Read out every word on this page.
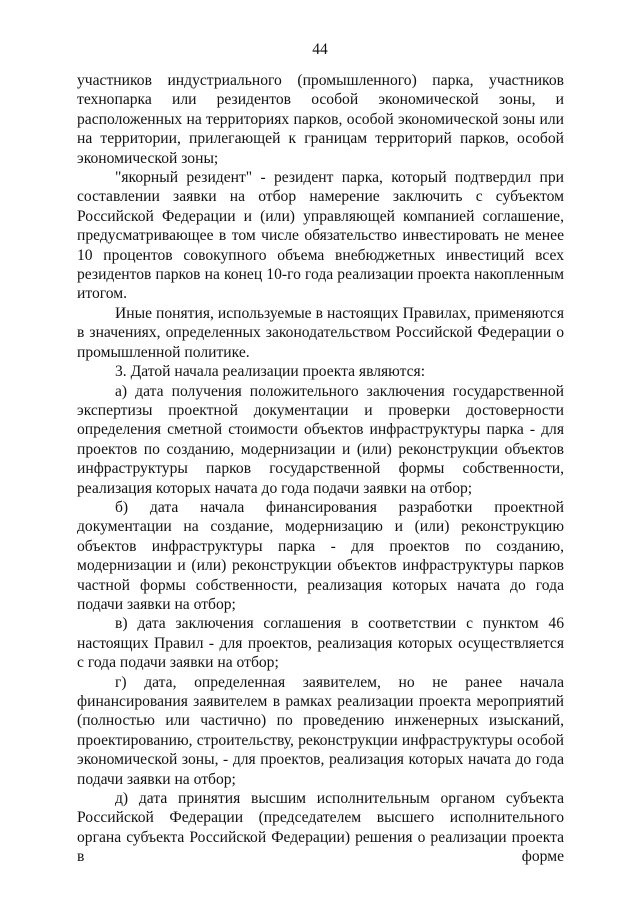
44

участников индустриального (промышленного) парка, участников технопарка или резидентов особой экономической зоны, и расположенных на территориях парков, особой экономической зоны или на территории, прилегающей к границам территорий парков, особой экономической зоны;

"якорный резидент" - резидент парка, который подтвердил при составлении заявки на отбор намерение заключить с субъектом Российской Федерации и (или) управляющей компанией соглашение, предусматривающее в том числе обязательство инвестировать не менее 10 процентов совокупного объема внебюджетных инвестиций всех резидентов парков на конец 10-го года реализации проекта накопленным итогом.

Иные понятия, используемые в настоящих Правилах, применяются в значениях, определенных законодательством Российской Федерации о промышленной политике.

3. Датой начала реализации проекта являются:

а) дата получения положительного заключения государственной экспертизы проектной документации и проверки достоверности определения сметной стоимости объектов инфраструктуры парка - для проектов по созданию, модернизации и (или) реконструкции объектов инфраструктуры парков государственной формы собственности, реализация которых начата до года подачи заявки на отбор;

б) дата начала финансирования разработки проектной документации на создание, модернизацию и (или) реконструкцию объектов инфраструктуры парка - для проектов по созданию, модернизации и (или) реконструкции объектов инфраструктуры парков частной формы собственности, реализация которых начата до года подачи заявки на отбор;

в) дата заключения соглашения в соответствии с пунктом 46 настоящих Правил - для проектов, реализация которых осуществляется с года подачи заявки на отбор;

г) дата, определенная заявителем, но не ранее начала финансирования заявителем в рамках реализации проекта мероприятий (полностью или частично) по проведению инженерных изысканий, проектированию, строительству, реконструкции инфраструктуры особой экономической зоны, - для проектов, реализация которых начата до года подачи заявки на отбор;

д) дата принятия высшим исполнительным органом субъекта Российской Федерации (председателем высшего исполнительного органа субъекта Российской Федерации) решения о реализации проекта в форме
